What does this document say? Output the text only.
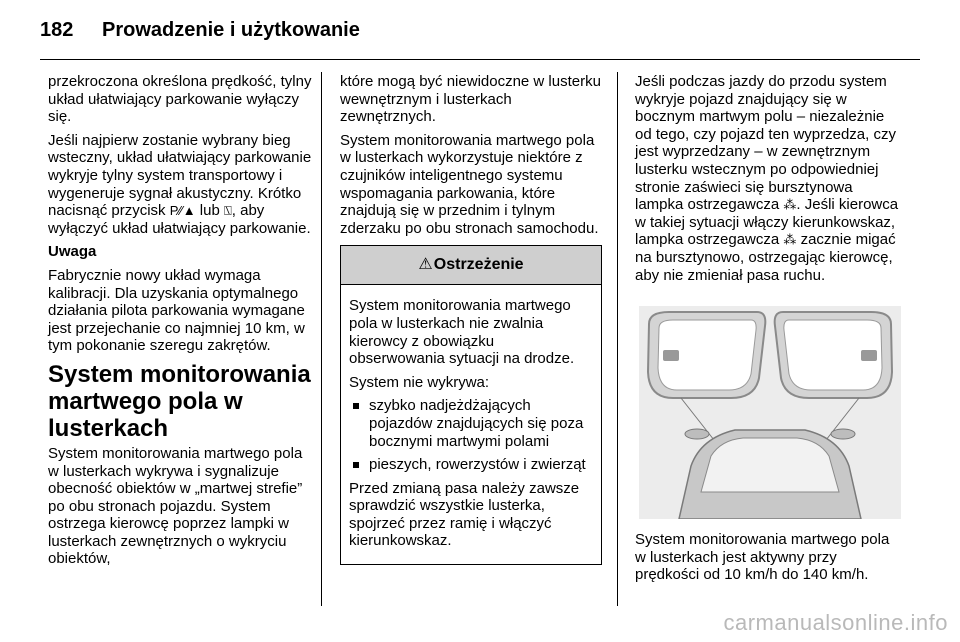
182	Prowadzenie i użytkowanie

przekroczona określona prędkość, tylny układ ułatwiający parkowanie wyłączy się.

Jeśli najpierw zostanie wybrany bieg wsteczny, układ ułatwiający parkowanie wykryje tylny system transportowy i wygeneruje sygnał akustyczny. Krótko nacisnąć przycisk P⁄⁄▲ lub ⍂, aby wyłączyć układ ułatwiający parkowanie.

Uwaga

Fabrycznie nowy układ wymaga kalibracji. Dla uzyskania optymalnego działania pilota parkowania wymagane jest przejechanie co najmniej 10 km, w tym pokonanie szeregu zakrętów.

System monitorowania martwego pola w lusterkach

System monitorowania martwego pola w lusterkach wykrywa i sygnalizuje obecność obiektów w „martwej strefie” po obu stronach pojazdu. System ostrzega kierowcę poprzez lampki w lusterkach zewnętrznych o wykryciu obiektów,

które mogą być niewidoczne w lusterku wewnętrznym i lusterkach zewnętrznych.

System monitorowania martwego pola w lusterkach wykorzystuje niektóre z czujników inteligentnego systemu wspomagania parkowania, które znajdują się w przednim i tylnym zderzaku po obu stronach samochodu.

⚠Ostrzeżenie

System monitorowania martwego pola w lusterkach nie zwalnia kierowcy z obowiązku obserwowania sytuacji na drodze.

System nie wykrywa:

szybko nadjeżdżających pojazdów znajdujących się poza bocznymi martwymi polami
pieszych, rowerzystów i zwierząt

Przed zmianą pasa należy zawsze sprawdzić wszystkie lusterka, spojrzeć przez ramię i włączyć kierunkowskaz.

Jeśli podczas jazdy do przodu system wykryje pojazd znajdujący się w bocznym martwym polu – niezależnie od tego, czy pojazd ten wyprzedza, czy jest wyprzedzany – w zewnętrznym lusterku wstecznym po odpowiedniej stronie zaświeci się bursztynowa lampka ostrzegawcza ⁂. Jeśli kierowca w takiej sytuacji włączy kierunkowskaz, lampka ostrzegawcza ⁂ zacznie migać na bursztynowo, ostrzegając kierowcę, aby nie zmieniał pasa ruchu.

System monitorowania martwego pola w lusterkach jest aktywny przy prędkości od 10 km/h do 140 km/h.

carmanualsonline.info
